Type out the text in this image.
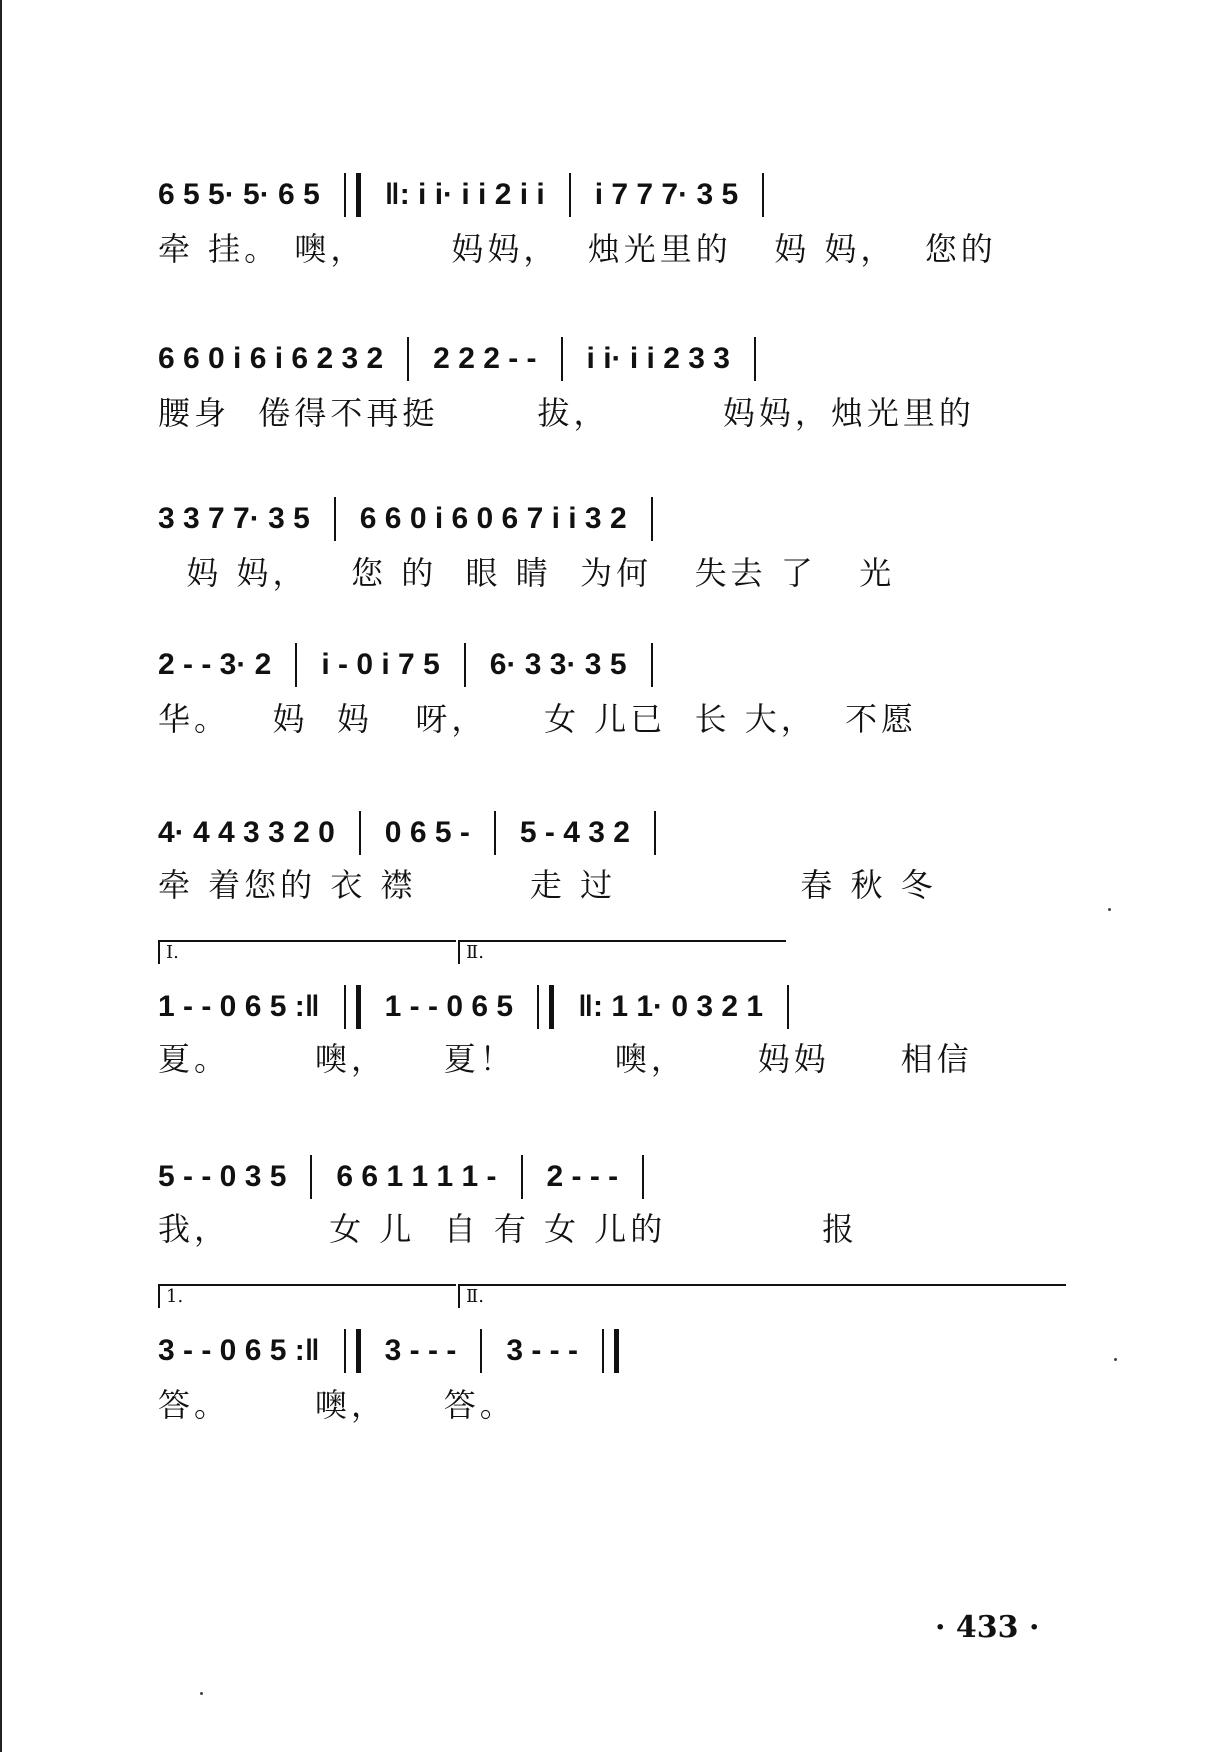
6 5 5· 5· 6 5 ‖: i i· i i 2 i i i 7 7 7· 3 5
牵 挂。 噢，      妈妈，  烛光里的   妈 妈，  您的
6 6 0 i 6 i 6 2 3 2 2 2 2 - - i i· i i 2 3 3
腰身  倦得不再挺       拔，        妈妈，烛光里的
3 3 7 7· 3 5 6 6 0 i 6 0 6 7 i i 3 2
妈 妈，   您 的  眼 睛  为何   失去 了   光
2 - - 3· 2 i - 0 i 7 5 6· 3 3· 3 5
华。   妈  妈   呀，    女 儿已  长 大，  不愿
4· 4 4 3 3 2 0 0 6 5 - 5 - 4 3 2
牵 着您的 衣 襟        走 过             春 秋 冬
Ⅰ.	Ⅱ.
1 - - 0 6 5 :‖ 1 - - 0 6 5 ‖: 1 1· 0 3 2 1
夏。      噢，    夏！       噢，     妈妈     相信
5 - - 0 3 5 6 6 1 1 1 1 - 2 - - -
我，       女 儿  自 有 女 儿的           报
1.	Ⅱ.
3 - - 0 6 5 :‖ 3 - - - 3 - - -
答。      噢，    答。
· 433 ·
